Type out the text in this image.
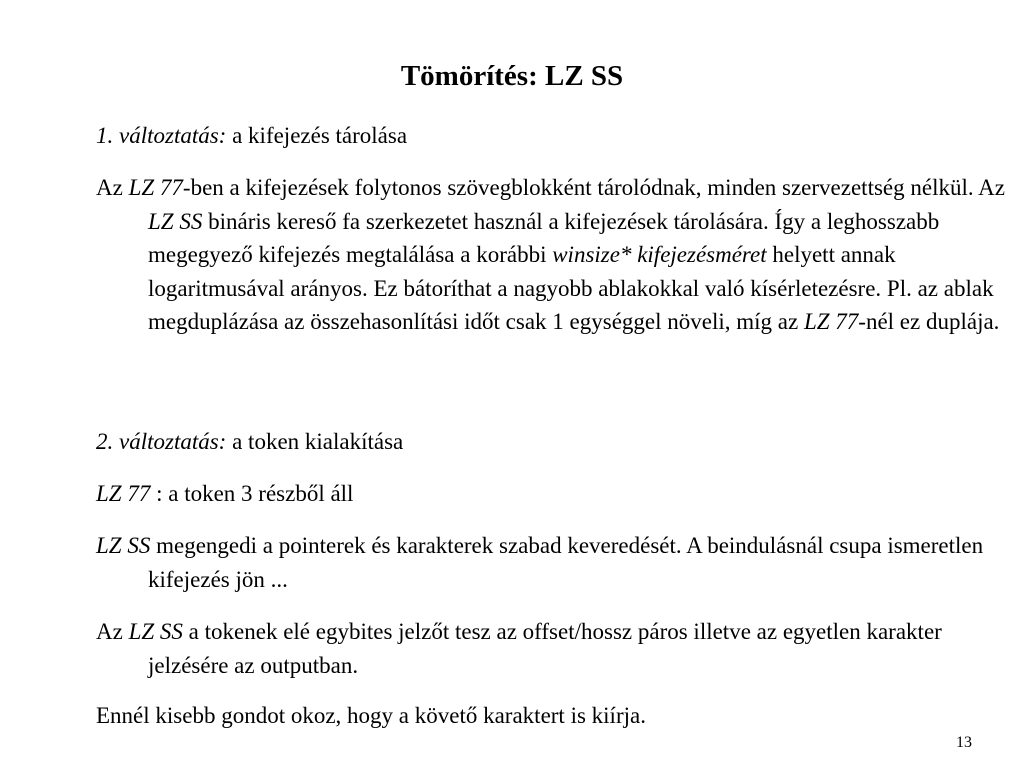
Tömörítés: LZ SS
1. változtatás: a kifejezés tárolása
Az LZ 77-ben a kifejezések folytonos szövegblokként tárolódnak, minden szervezettség nélkül. Az LZ SS bináris kereső fa szerkezetet használ a kifejezések tárolására. Így a leghosszabb megegyező kifejezés megtalálása a korábbi winsize* kifejezésméret helyett annak logaritmusával arányos. Ez bátoríthat a nagyobb ablakokkal való kísérletezésre. Pl. az ablak megduplázása az összehasonlítási időt csak 1 egységgel növeli, míg az LZ 77-nél ez duplája.
2. változtatás: a token kialakítása
LZ 77 : a token 3 részből áll
LZ SS megengedi a pointerek és karakterek szabad keveredését. A beindulásnál csupa ismeretlen kifejezés jön ...
Az LZ SS a tokenek elé egybites jelzőt tesz az offset/hossz páros illetve az egyetlen karakter jelzésére az outputban.
Ennél kisebb gondot okoz, hogy a követő karaktert is kiírja.
13
